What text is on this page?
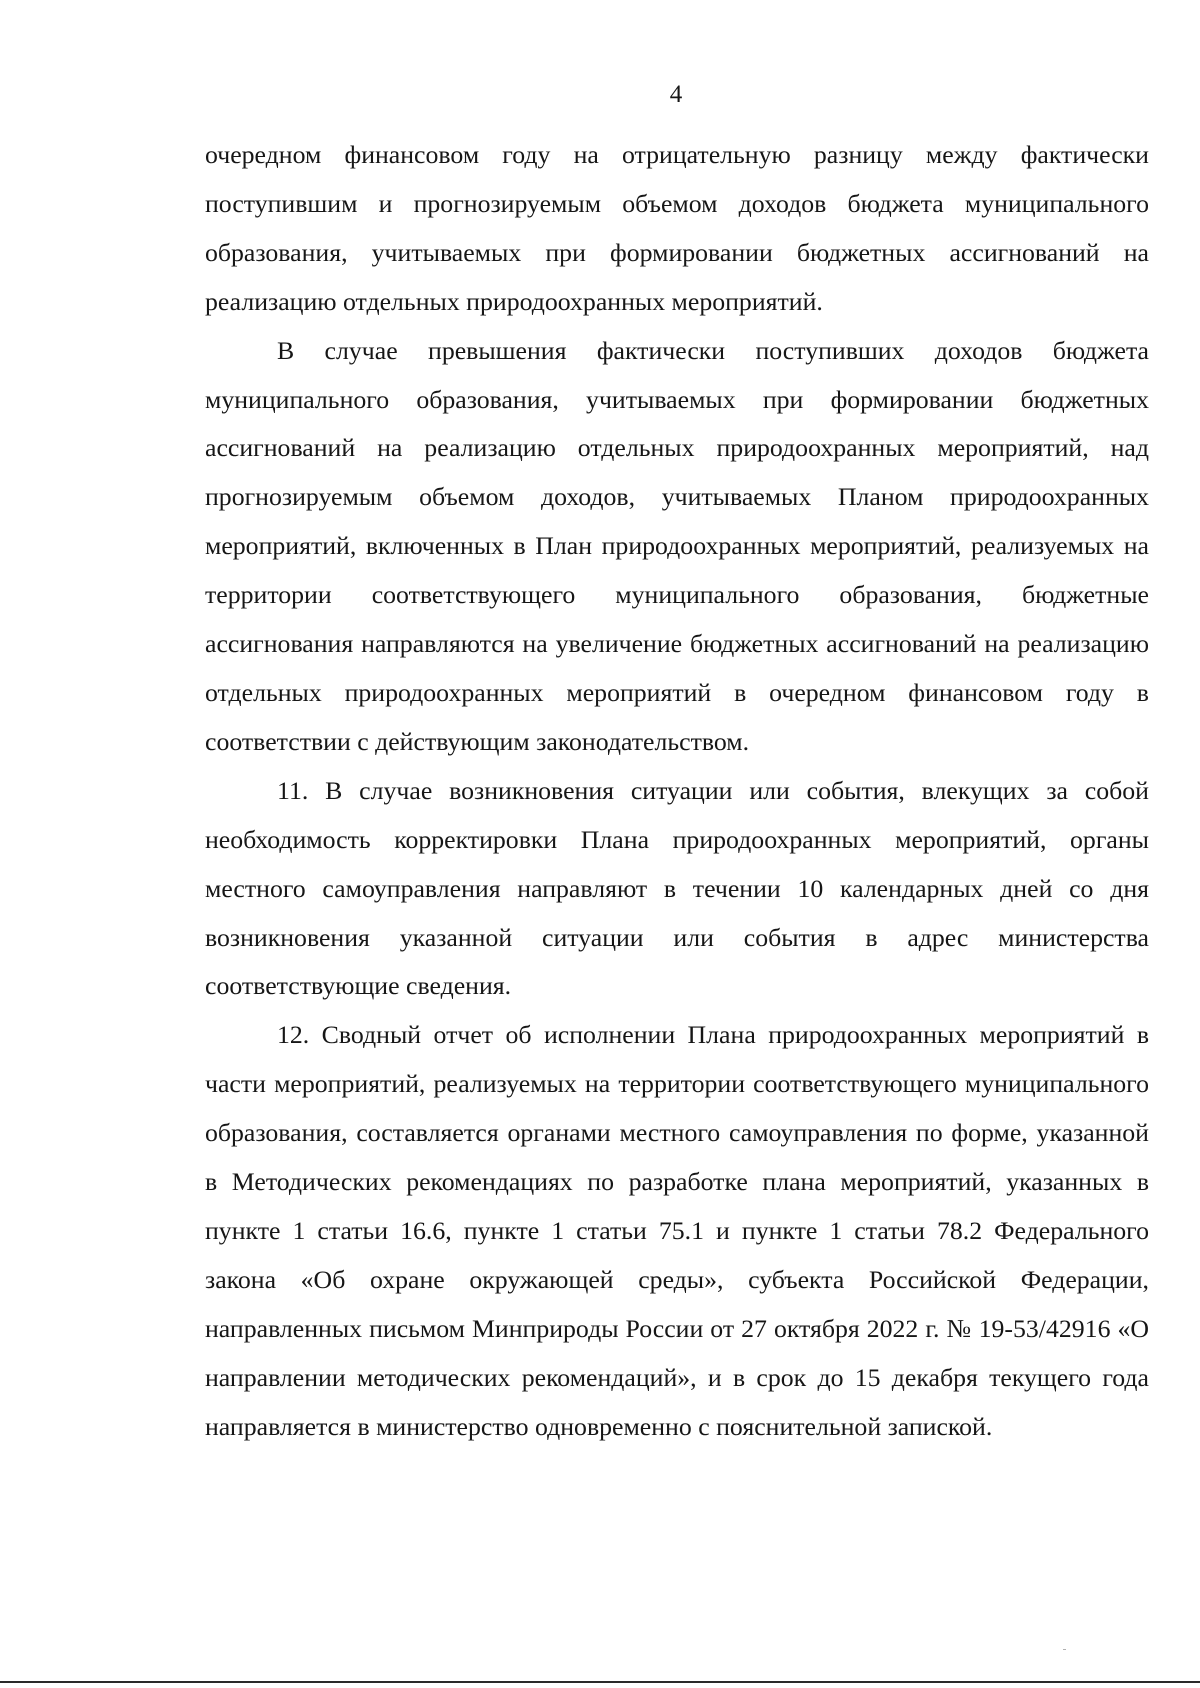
4

очередном финансовом году на отрицательную разницу между фактически поступившим и прогнозируемым объемом доходов бюджета муниципального образования, учитываемых при формировании бюджетных ассигнований на реализацию отдельных природоохранных мероприятий.

В случае превышения фактически поступивших доходов бюджета муниципального образования, учитываемых при формировании бюджетных ассигнований на реализацию отдельных природоохранных мероприятий, над прогнозируемым объемом доходов, учитываемых Планом природоохранных мероприятий, включенных в План природоохранных мероприятий, реализуемых на территории соответствующего муниципального образования, бюджетные ассигнования направляются на увеличение бюджетных ассигнований на реализацию отдельных природоохранных мероприятий в очередном финансовом году в соответствии с действующим законодательством.

11. В случае возникновения ситуации или события, влекущих за собой необходимость корректировки Плана природоохранных мероприятий, органы местного самоуправления направляют в течении 10 календарных дней со дня возникновения указанной ситуации или события в адрес министерства соответствующие сведения.

12. Сводный отчет об исполнении Плана природоохранных мероприятий в части мероприятий, реализуемых на территории соответствующего муниципального образования, составляется органами местного самоуправления по форме, указанной в Методических рекомендациях по разработке плана мероприятий, указанных в пункте 1 статьи 16.6, пункте 1 статьи 75.1 и пункте 1 статьи 78.2 Федерального закона «Об охране окружающей среды», субъекта Российской Федерации, направленных письмом Минприроды России от 27 октября 2022 г. № 19-53/42916 «О направлении методических рекомендаций», и в срок до 15 декабря текущего года направляется в министерство одновременно с пояснительной запиской.
